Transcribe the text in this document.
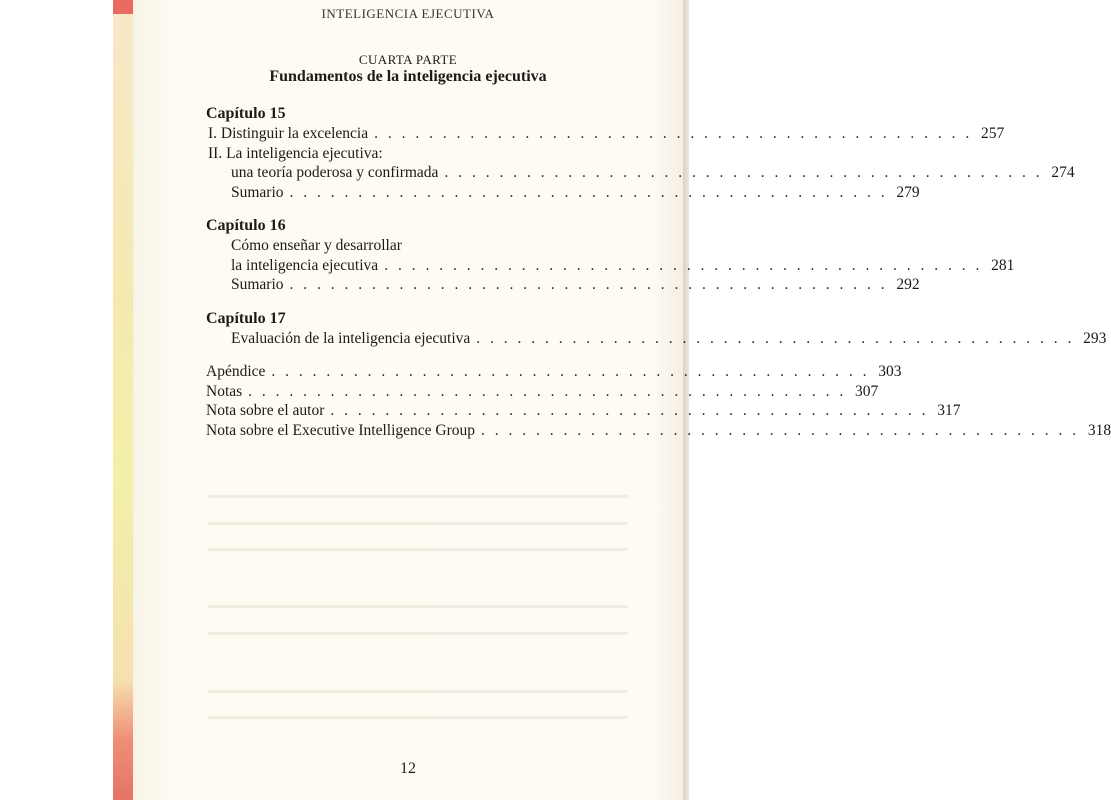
INTELIGENCIA EJECUTIVA
CUARTA PARTE
Fundamentos de la inteligencia ejecutiva
Capítulo 15
I. Distinguir la excelencia . . . . . . . . . . . . . . . . . . . . . . . . . . . . . . . . . . . . . . . . . . . . 257
II. La inteligencia ejecutiva:
una teoría poderosa y confirmada . . . . . . . . . . . . . . . . . . . . . . . . . . . . . . . . . . . . . . . . . . . . 274
Sumario . . . . . . . . . . . . . . . . . . . . . . . . . . . . . . . . . . . . . . . . . . . . 279
Capítulo 16
Cómo enseñar y desarrollar
la inteligencia ejecutiva . . . . . . . . . . . . . . . . . . . . . . . . . . . . . . . . . . . . . . . . . . . . 281
Sumario . . . . . . . . . . . . . . . . . . . . . . . . . . . . . . . . . . . . . . . . . . . . 292
Capítulo 17
Evaluación de la inteligencia ejecutiva . . . . . . . . . . . . . . . . . . . . . . . . . . . . . . . . . . . . . . . . . . . . 293
Apéndice . . . . . . . . . . . . . . . . . . . . . . . . . . . . . . . . . . . . . . . . . . . . 303
Notas . . . . . . . . . . . . . . . . . . . . . . . . . . . . . . . . . . . . . . . . . . . . 307
Nota sobre el autor . . . . . . . . . . . . . . . . . . . . . . . . . . . . . . . . . . . . . . . . . . . . 317
Nota sobre el Executive Intelligence Group . . . . . . . . . . . . . . . . . . . . . . . . . . . . . . . . . . . . . . . . . . . . 318
12
